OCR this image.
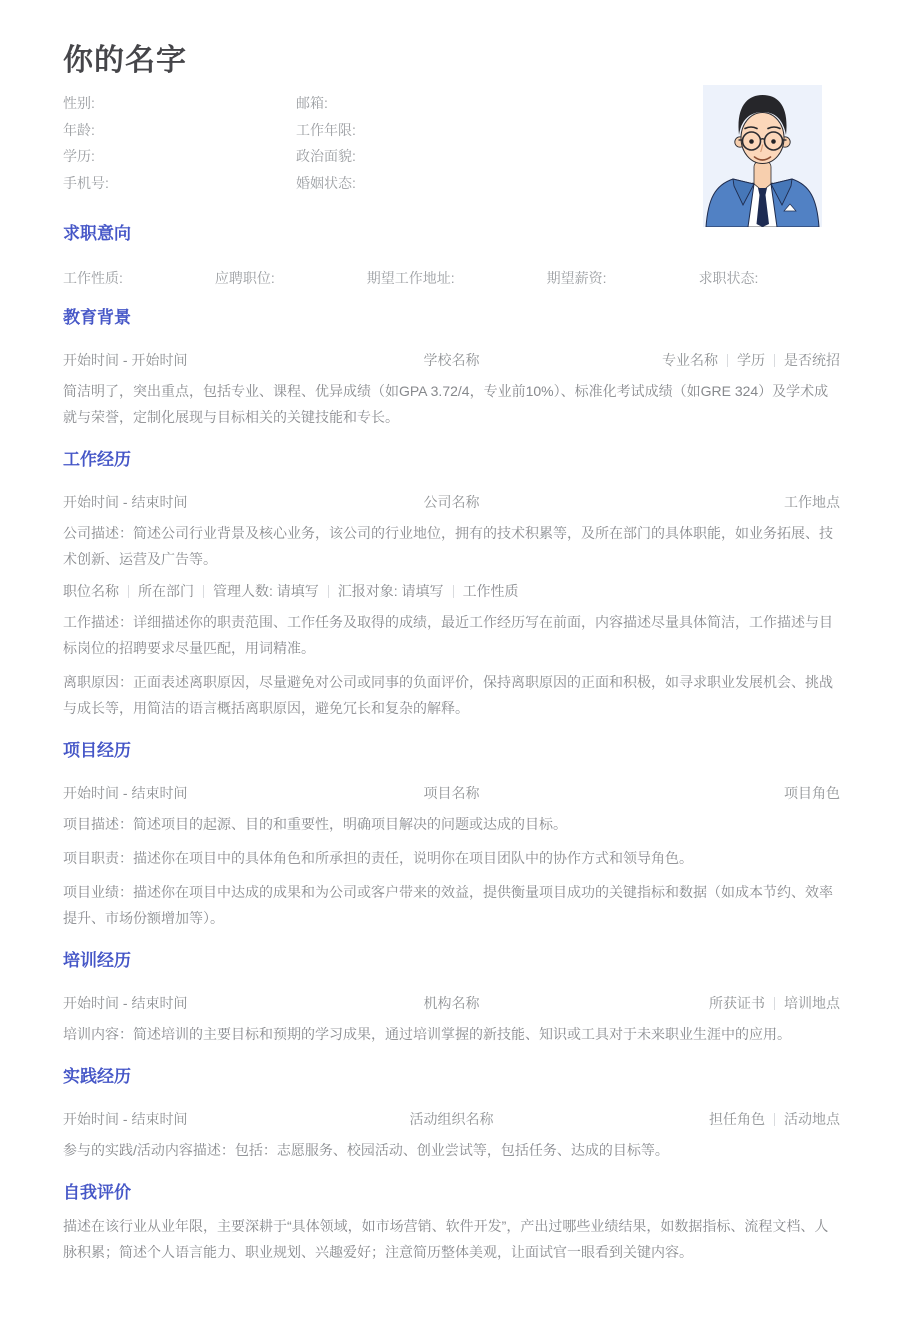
你的名字
性别:	邮箱:
年龄:	工作年限:
学历:	政治面貌:
手机号:	婚姻状态:
求职意向
工作性质:	应聘职位:	期望工作地址:	期望薪资:	求职状态:
教育背景
开始时间 - 开始时间	学校名称	专业名称 学历 是否统招

简洁明了，突出重点，包括专业、课程、优异成绩（如GPA 3.72/4，专业前10%）、标准化考试成绩（如GRE 324）及学术成就与荣誉，定制化展现与目标相关的关键技能和专长。

工作经历
开始时间 - 结束时间	公司名称	工作地点

公司描述：简述公司行业背景及核心业务，该公司的行业地位，拥有的技术积累等，及所在部门的具体职能，如业务拓展、技术创新、运营及广告等。

职位名称 所在部门 管理人数: 请填写 汇报对象: 请填写 工作性质

工作描述：详细描述你的职责范围、工作任务及取得的成绩，最近工作经历写在前面，内容描述尽量具体简洁，工作描述与目标岗位的招聘要求尽量匹配，用词精准。

离职原因：正面表述离职原因，尽量避免对公司或同事的负面评价，保持离职原因的正面和积极，如寻求职业发展机会、挑战与成长等，用简洁的语言概括离职原因，避免冗长和复杂的解释。

项目经历
开始时间 - 结束时间	项目名称	项目角色

项目描述：简述项目的起源、目的和重要性，明确项目解决的问题或达成的目标。

项目职责：描述你在项目中的具体角色和所承担的责任，说明你在项目团队中的协作方式和领导角色。

项目业绩：描述你在项目中达成的成果和为公司或客户带来的效益，提供衡量项目成功的关键指标和数据（如成本节约、效率提升、市场份额增加等）。

培训经历
开始时间 - 结束时间	机构名称	所获证书 培训地点

培训内容：简述培训的主要目标和预期的学习成果，通过培训掌握的新技能、知识或工具对于未来职业生涯中的应用。

实践经历
开始时间 - 结束时间	活动组织名称	担任角色 活动地点

参与的实践/活动内容描述：包括：志愿服务、校园活动、创业尝试等，包括任务、达成的目标等。

自我评价

描述在该行业从业年限，主要深耕于“具体领域，如市场营销、软件开发”，产出过哪些业绩结果，如数据指标、流程文档、人脉积累；简述个人语言能力、职业规划、兴趣爱好；注意简历整体美观，让面试官一眼看到关键内容。
